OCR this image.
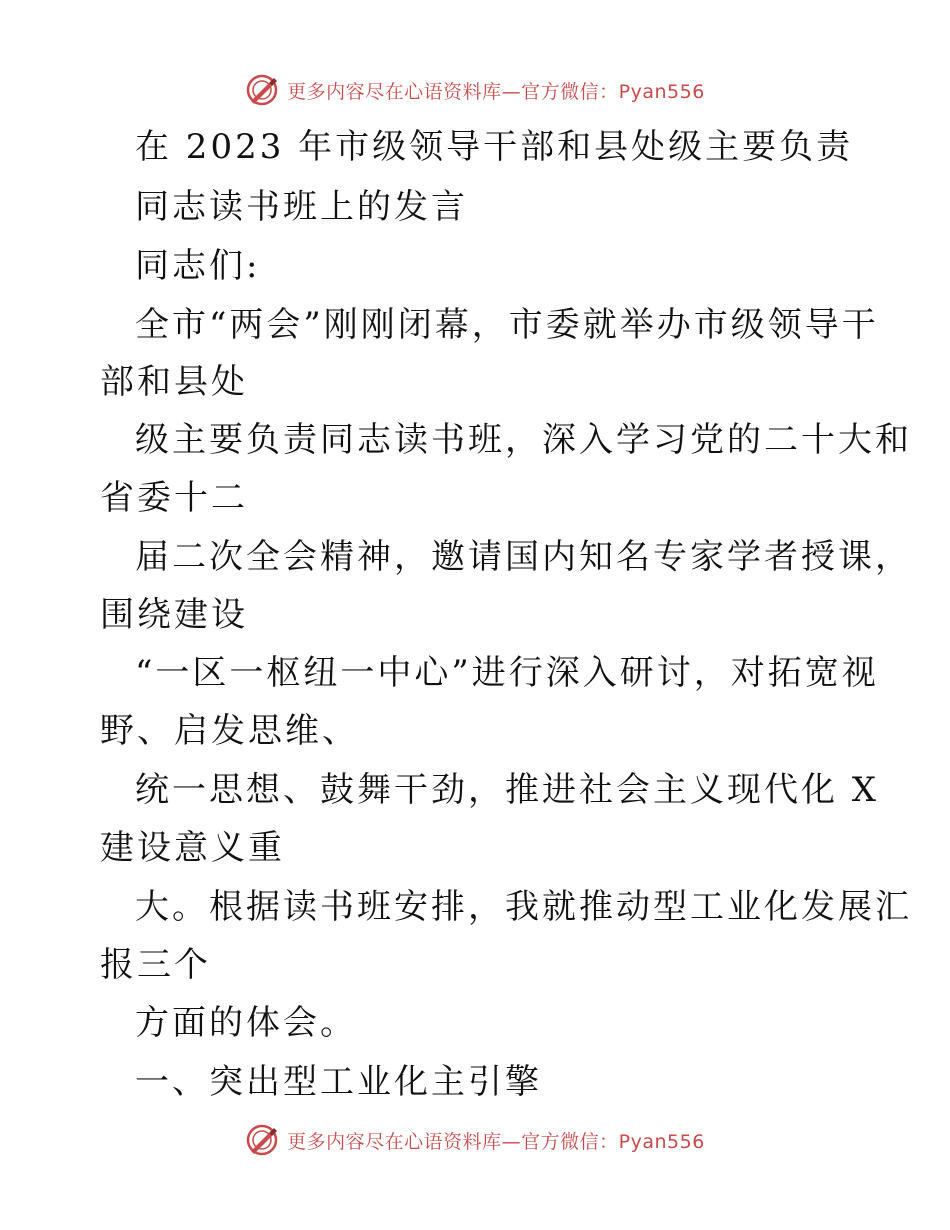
更多内容尽在心语资料库—官方微信：Pyan556
在 2023 年市级领导干部和县处级主要负责
同志读书班上的发言
同志们:
全市“两会”刚刚闭幕，市委就举办市级领导干
部和县处
级主要负责同志读书班，深入学习党的二十大和
省委十二
届二次全会精神，邀请国内知名专家学者授课，
围绕建设
“一区一枢纽一中心”进行深入研讨，对拓宽视
野、启发思维、
统一思想、鼓舞干劲，推进社会主义现代化 X
建设意义重
大。根据读书班安排，我就推动型工业化发展汇
报三个
方面的体会。
一、突出型工业化主引擎
更多内容尽在心语资料库—官方微信：Pyan556
